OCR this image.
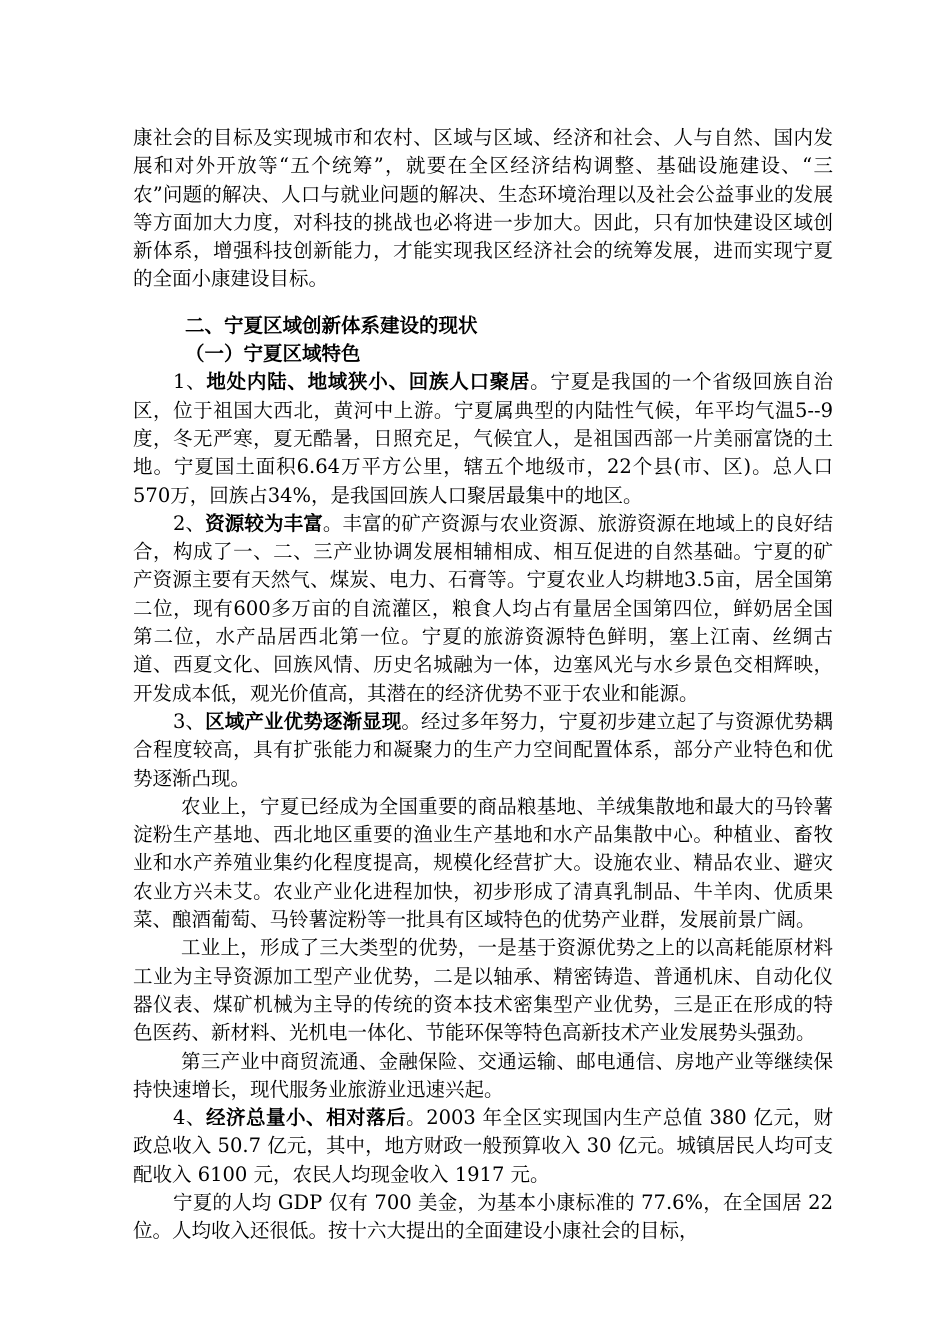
康社会的目标及实现城市和农村、区域与区域、经济和社会、人与自然、国内发展和对外开放等“五个统筹”，就要在全区经济结构调整、基础设施建设、“三农”问题的解决、人口与就业问题的解决、生态环境治理以及社会公益事业的发展等方面加大力度，对科技的挑战也必将进一步加大。因此，只有加快建设区域创新体系，增强科技创新能力，才能实现我区经济社会的统筹发展，进而实现宁夏的全面小康建设目标。

二、宁夏区域创新体系建设的现状
（一）宁夏区域特色

1、地处内陆、地域狭小、回族人口聚居。宁夏是我国的一个省级回族自治区，位于祖国大西北，黄河中上游。宁夏属典型的内陆性气候，年平均气温5--9 度，冬无严寒，夏无酷暑，日照充足，气候宜人，是祖国西部一片美丽富饶的土地。宁夏国土面积6.64万平方公里，辖五个地级市，22个县(市、区)。总人口570万，回族占34%，是我国回族人口聚居最集中的地区。

2、资源较为丰富。丰富的矿产资源与农业资源、旅游资源在地域上的良好结合，构成了一、二、三产业协调发展相辅相成、相互促进的自然基础。宁夏的矿产资源主要有天然气、煤炭、电力、石膏等。宁夏农业人均耕地3.5亩，居全国第二位，现有600多万亩的自流灌区，粮食人均占有量居全国第四位，鲜奶居全国第二位，水产品居西北第一位。宁夏的旅游资源特色鲜明，塞上江南、丝绸古道、西夏文化、回族风情、历史名城融为一体，边塞风光与水乡景色交相辉映，开发成本低，观光价值高，其潜在的经济优势不亚于农业和能源。

3、区域产业优势逐渐显现。经过多年努力，宁夏初步建立起了与资源优势耦合程度较高，具有扩张能力和凝聚力的生产力空间配置体系，部分产业特色和优势逐渐凸现。

农业上，宁夏已经成为全国重要的商品粮基地、羊绒集散地和最大的马铃薯淀粉生产基地、西北地区重要的渔业生产基地和水产品集散中心。种植业、畜牧业和水产养殖业集约化程度提高，规模化经营扩大。设施农业、精品农业、避灾农业方兴未艾。农业产业化进程加快，初步形成了清真乳制品、牛羊肉、优质果菜、酿酒葡萄、马铃薯淀粉等一批具有区域特色的优势产业群，发展前景广阔。

工业上，形成了三大类型的优势，一是基于资源优势之上的以高耗能原材料工业为主导资源加工型产业优势，二是以轴承、精密铸造、普通机床、自动化仪器仪表、煤矿机械为主导的传统的资本技术密集型产业优势，三是正在形成的特色医药、新材料、光机电一体化、节能环保等特色高新技术产业发展势头强劲。

第三产业中商贸流通、金融保险、交通运输、邮电通信、房地产业等继续保持快速增长，现代服务业旅游业迅速兴起。

4、经济总量小、相对落后。2003 年全区实现国内生产总值 380 亿元，财政总收入 50.7 亿元，其中，地方财政一般预算收入 30 亿元。城镇居民人均可支配收入 6100 元，农民人均现金收入 1917 元。

宁夏的人均 GDP 仅有 700 美金，为基本小康标准的 77.6%，在全国居 22 位。人均收入还很低。按十六大提出的全面建设小康社会的目标，
